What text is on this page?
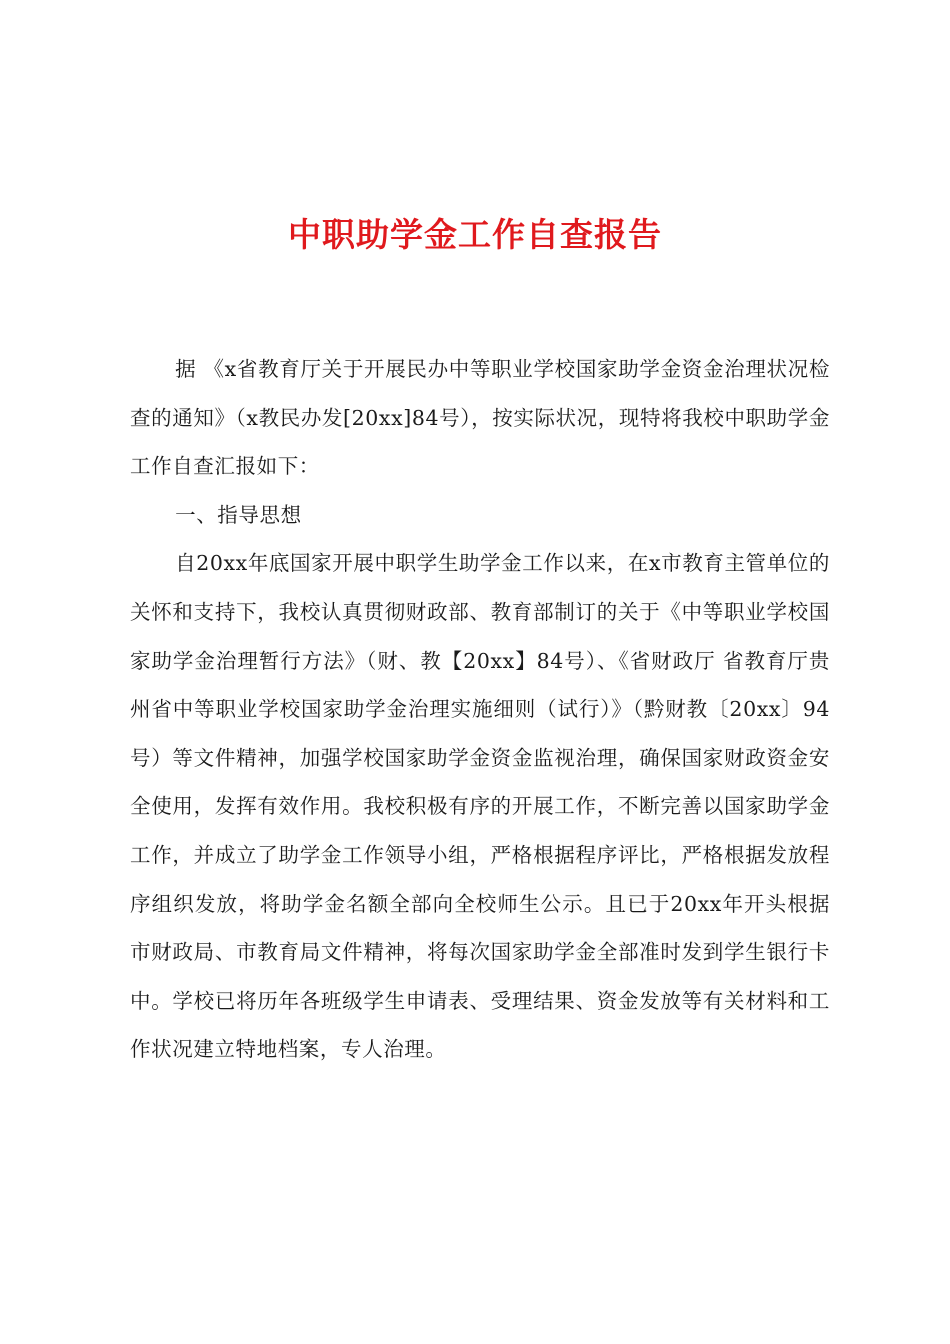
中职助学金工作自查报告

据 《x省教育厅关于开展民办中等职业学校国家助学金资金治理状况检查的通知》（x教民办发[20xx]84号），按实际状况，现特将我校中职助学金工作自查汇报如下：

一、指导思想

自20xx年底国家开展中职学生助学金工作以来，在x市教育主管单位的关怀和支持下，我校认真贯彻财政部、教育部制订的关于《中等职业学校国家助学金治理暂行方法》（财、教【20xx】84号）、《省财政厅 省教育厅贵州省中等职业学校国家助学金治理实施细则（试行）》（黔财教〔20xx〕94号）等文件精神，加强学校国家助学金资金监视治理，确保国家财政资金安全使用，发挥有效作用。我校积极有序的开展工作，不断完善以国家助学金工作，并成立了助学金工作领导小组，严格根据程序评比，严格根据发放程序组织发放，将助学金名额全部向全校师生公示。且已于20xx年开头根据市财政局、市教育局文件精神，将每次国家助学金全部准时发到学生银行卡中。学校已将历年各班级学生申请表、受理结果、资金发放等有关材料和工作状况建立特地档案，专人治理。
